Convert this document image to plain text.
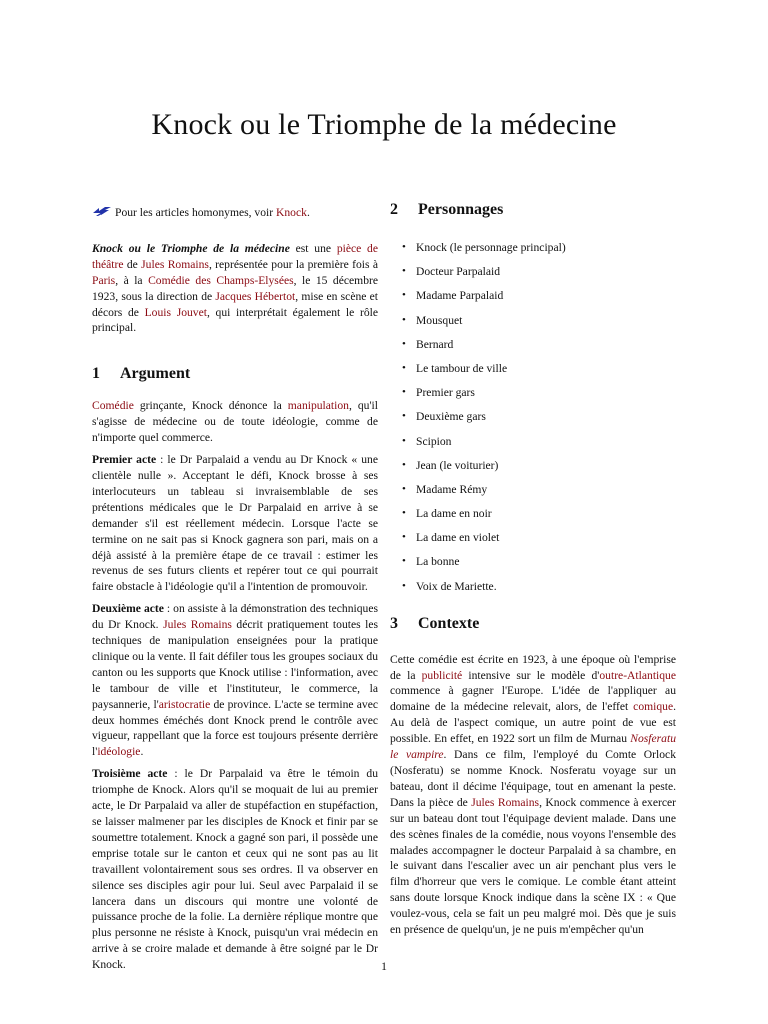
Knock ou le Triomphe de la médecine
Pour les articles homonymes, voir Knock.

Knock ou le Triomphe de la médecine est une pièce de théâtre de Jules Romains, représentée pour la première fois à Paris, à la Comédie des Champs-Elysées, le 15 décembre 1923, sous la direction de Jacques Hébertot, mise en scène et décors de Louis Jouvet, qui interprétait également le rôle principal.

1 Argument

Comédie grinçante, Knock dénonce la manipulation, qu'il s'agisse de médecine ou de toute idéologie, comme de n'importe quel commerce.

Premier acte : le Dr Parpalaid a vendu au Dr Knock « une clientèle nulle ». Acceptant le défi, Knock brosse à ses interlocuteurs un tableau si invraisemblable de ses prétentions médicales que le Dr Parpalaid en arrive à se demander s'il est réellement médecin. Lorsque l'acte se termine on ne sait pas si Knock gagnera son pari, mais on a déjà assisté à la première étape de ce travail : estimer les revenus de ses futurs clients et repérer tout ce qui pourrait faire obstacle à l'idéologie qu'il a l'intention de promouvoir.

Deuxième acte : on assiste à la démonstration des techniques du Dr Knock. Jules Romains décrit pratiquement toutes les techniques de manipulation enseignées pour la pratique clinique ou la vente. Il fait défiler tous les groupes sociaux du canton ou les supports que Knock utilise : l'information, avec le tambour de ville et l'instituteur, le commerce, la paysannerie, l'aristocratie de province. L'acte se termine avec deux hommes éméchés dont Knock prend le contrôle avec vigueur, rappellant que la force est toujours présente derrière l'idéologie.

Troisième acte : le Dr Parpalaid va être le témoin du triomphe de Knock. Alors qu'il se moquait de lui au premier acte, le Dr Parpalaid va aller de stupéfaction en stupéfaction, se laisser malmener par les disciples de Knock et finir par se soumettre totalement. Knock a gagné son pari, il possède une emprise totale sur le canton et ceux qui ne sont pas au lit travaillent volontairement sous ses ordres. Il va observer en silence ses disciples agir pour lui. Seul avec Parpalaid il se lancera dans un discours qui montre une volonté de puissance proche de la folie. La dernière réplique montre que plus personne ne résiste à Knock, puisqu'un vrai médecin en arrive à se croire malade et demande à être soigné par le Dr Knock.

2 Personnages
• Knock (le personnage principal)
• Docteur Parpalaid
• Madame Parpalaid
• Mousquet
• Bernard
• Le tambour de ville
• Premier gars
• Deuxième gars
• Scipion
• Jean (le voiturier)
• Madame Rémy
• La dame en noir
• La dame en violet
• La bonne
• Voix de Mariette.
3 Contexte

Cette comédie est écrite en 1923, à une époque où l'emprise de la publicité intensive sur le modèle d'outre-Atlantique commence à gagner l'Europe. L'idée de l'appliquer au domaine de la médecine relevait, alors, de l'effet comique. Au delà de l'aspect comique, un autre point de vue est possible. En effet, en 1922 sort un film de Murnau Nosferatu le vampire. Dans ce film, l'employé du Comte Orlock (Nosferatu) se nomme Knock. Nosferatu voyage sur un bateau, dont il décime l'équipage, tout en amenant la peste. Dans la pièce de Jules Romains, Knock commence à exercer sur un bateau dont tout l'équipage devient malade. Dans une des scènes finales de la comédie, nous voyons l'ensemble des malades accompagner le docteur Parpalaid à sa chambre, en le suivant dans l'escalier avec un air penchant plus vers le film d'horreur que vers le comique. Le comble étant atteint sans doute lorsque Knock indique dans la scène IX : « Que voulez-vous, cela se fait un peu malgré moi. Dès que je suis en présence de quelqu'un, je ne puis m'empêcher qu'un

1
